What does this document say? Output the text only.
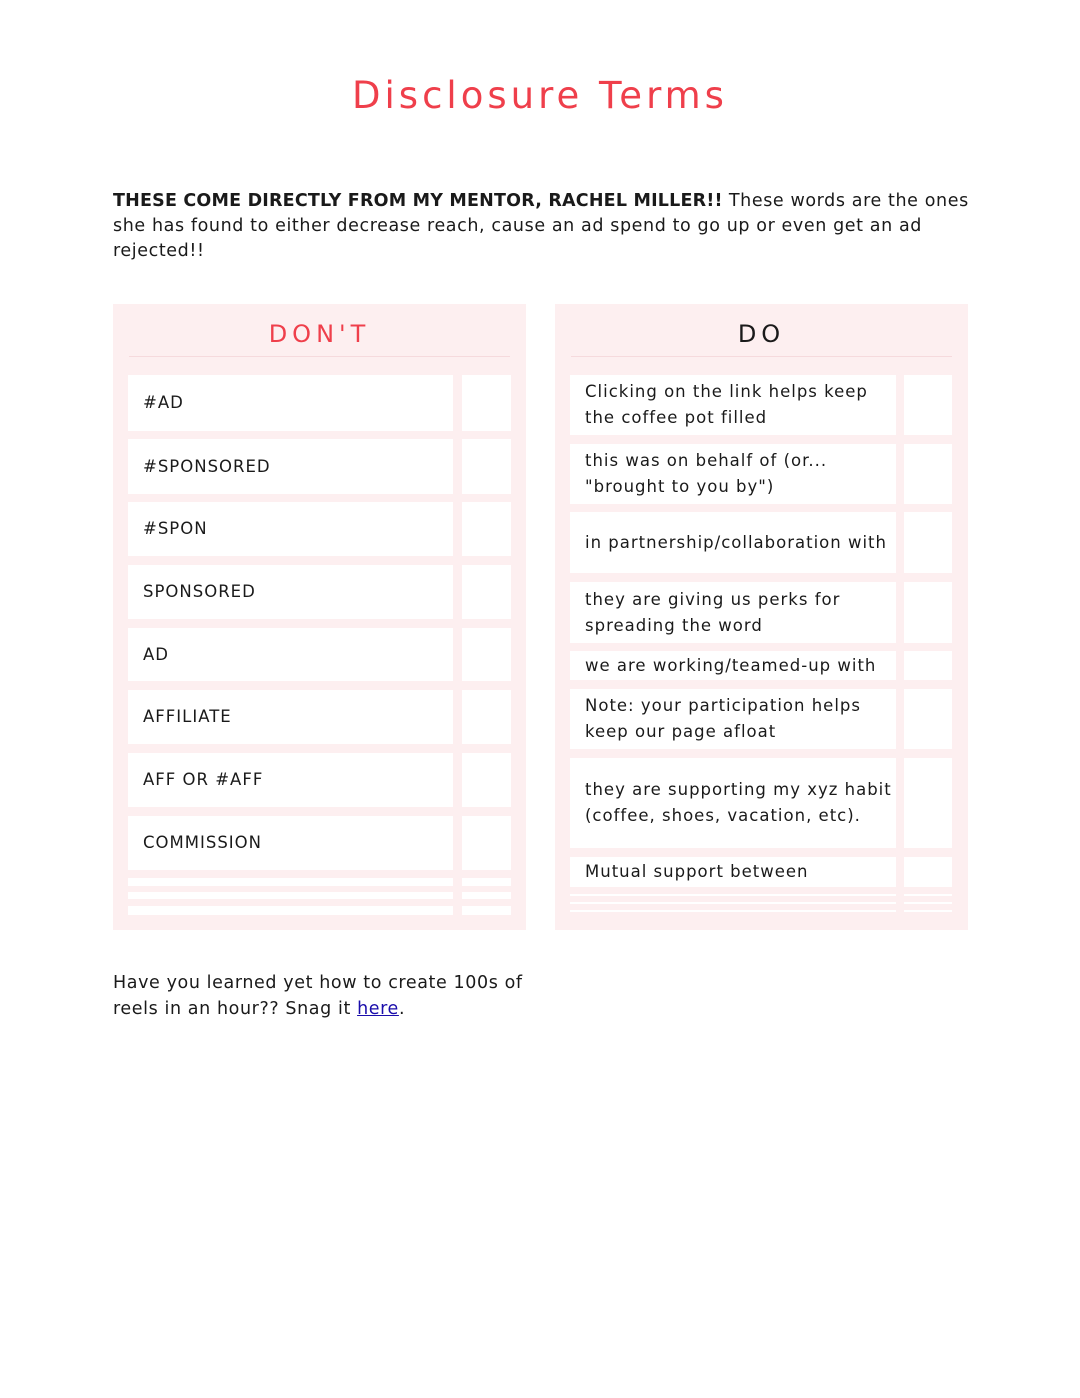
Disclosure Terms
THESE COME DIRECTLY FROM MY MENTOR, RACHEL MILLER!! These words are the ones she has found to either decrease reach, cause an ad spend to go up or even get an ad rejected!!
DON'T
#AD
#SPONSORED
#SPON
SPONSORED
AD
AFFILIATE
AFF OR #AFF
COMMISSION
DO
Clicking on the link helps keep the coffee pot filled
this was on behalf of (or... "brought to you by")
in partnership/collaboration with
they are giving us perks for spreading the word
we are working/teamed-up with
Note: your participation helps keep our page afloat
they are supporting my xyz habit (coffee, shoes, vacation, etc).
Mutual support between
Have you learned yet how to create 100s of reels in an hour?? Snag it here.
